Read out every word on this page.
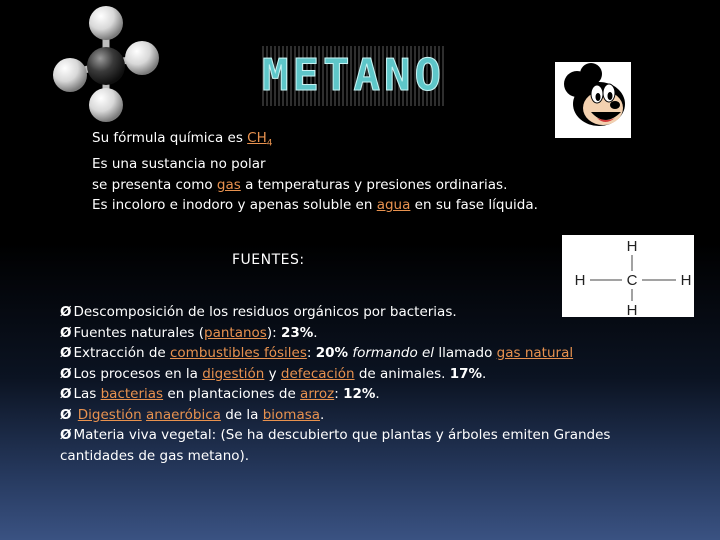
METANO
Su fórmula química es $CH_4$
Es una sustancia no polar
se presenta como gas a temperaturas y presiones ordinarias.
Es incoloro e inodoro y apenas soluble en agua en su fase líquida.
FUENTES:
H
H	C	H
H
Ø Descomposición de los residuos orgánicos por bacterias.
Ø Fuentes naturales (pantanos): 23%.
Ø Extracción de combustibles fósiles: 20% formando el llamado gas natural
Ø Los procesos en la digestión y defecación de animales. 17%.
Ø Las bacterias en plantaciones de arroz: 12%.
Ø Digestión anaeróbica de la biomasa.
Ø Materia viva vegetal: (Se ha descubierto que plantas y árboles emiten Grandes cantidades de gas metano).
